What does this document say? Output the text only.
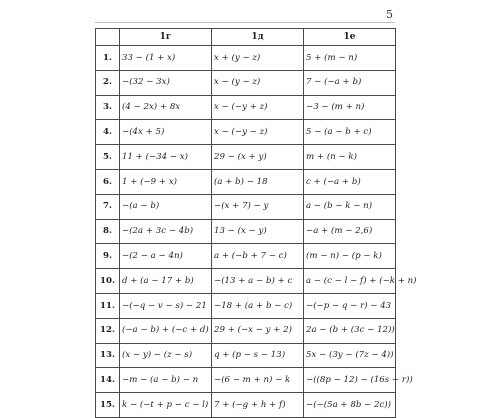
5
	1г	1д	1е
1.	33 − (1 + x)	x + (y − z)	5 + (m − n)
2.	−(32 − 3x)	x − (y − z)	7 − (−a + b)
3.	(4 − 2x) + 8x	x − (−y + z)	−3 − (m + n)
4.	−(4x + 5)	x − (−y − z)	5 − (a − b + c)
5.	11 + (−34 − x)	29 − (x + y)	m + (n − k)
6.	1 + (−9 + x)	(a + b) − 18	c + (−a + b)
7.	−(a − b)	−(x + 7) − y	a − (b − k − n)
8.	−(2a + 3c − 4b)	13 − (x − y)	−a + (m − 2,6)
9.	−(2 − a − 4n)	a + (−b + 7 − c)	(m − n) − (p − k)
10.	d + (a − 17 + b)	−(13 + a − b) + c	a − (c − l − f) + (−k + n)
11.	−(−q − v − s) − 21	−18 + (a + b − c)	−(−p − q − r) − 43
12.	(−a − b) + (−c + d)	29 + (−x − y + 2)	2a − (b + (3c − 12))
13.	(x − y) − (z − s)	q + (p − s − 13)	5x − (3y − (7z − 4))
14.	−m − (a − b) − n	−(6 − m + n) − k	−((8p − 12) − (16s − r))
15.	k − (−t + p − c − l)	7 + (−g + h + f)	−(−(5a + 8b − 2c))
